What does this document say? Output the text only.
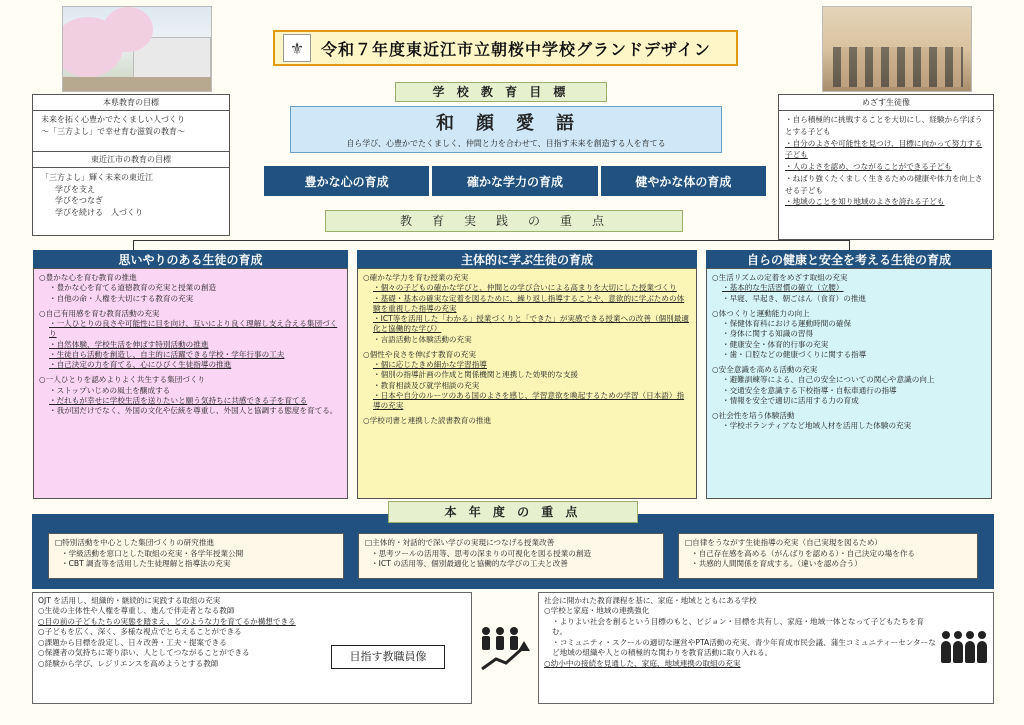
⚜	令和７年度東近江市立朝桜中学校グランドデザイン
本県教育の目標
未来を拓く心豊かでたくましい人づくり
～「三方よし」で幸せ育む滋賀の教育～
東近江市の教育の目標
「三方よし」輝く未来の東近江
学びを支え
学びをつなぎ
学びを続ける　人づくり
めざす生徒像
・自ら積極的に挑戦することを大切にし、経験から学ぼうとする子ども
・自分のよさや可能性を見つけ、目標に向かって努力する子ども
・人のよさを認め、つながることができる子ども
・ねばり強くたくましく生きるための健康や体力を向上させる子ども
・地域のことを知り地域のよさを誇れる子ども
学 校 教 育 目 標
和　顔　愛　語
自ら学び、心豊かでたくましく、仲間と力を合わせて、目指す未来を創造する人を育てる
豊かな心の育成	確かな学力の育成	健やかな体の育成
教　育　実　践　の　重　点
思いやりのある生徒の育成
○豊かな心を育む教育の推進
・豊かな心を育てる道徳教育の充実と授業の創造
・自他の命・人権を大切にする教育の充実
○自己有用感を育む教育活動の充実
・一人ひとりの良さや可能性に目を向け、互いにより良く理解し支え合える集団づくり
・自然体験、学校生活を伸ばす特別活動の推進
・生徒自ら活動を創造し、自主的に活躍できる学校・学年行事の工夫
・自己決定の力を育てる、心にひびく生徒指導の推進
○一人ひとりを認めよりよく共生する集団づくり
・ストップいじめの風土を醸成する
・だれもが幸せに学校生活を送りたいと願う気持ちに共感できる子を育てる
・我が国だけでなく、外国の文化や伝統を尊重し、外国人と協調する態度を育てる。
主体的に学ぶ生徒の育成
○確かな学力を育む授業の充実
・個々の子どもの確かな学びと、仲間との学び合いによる高まりを大切にした授業づくり
・基礎・基本の確実な定着を図るために、繰り返し指導することや、意欲的に学ぶための体験を重視した指導の充実
・ICT等を活用した「わかる」授業づくりと「できた」が実感できる授業への改善（個別最適化と協働的な学び）
・言語活動と体験活動の充実
○個性や良さを伸ばす教育の充実
・個に応じたきめ細かな学習指導
・個別の指導計画の作成と関係機関と連携した効果的な支援
・教育相談及び就学相談の充実
・日本や自分のルーツのある国のよさを感じ、学習意欲を喚起するための学習（日本語）指導の充実
○学校司書と連携した読書教育の推進
自らの健康と安全を考える生徒の育成
○生活リズムの定着をめざす取組の充実
・基本的な生活習慣の確立（立腰）
・早寝、早起き、朝ごはん（食育）の推進
○体つくりと運動能力の向上
・保健体育科における運動時間の確保
・身体に関する知識の習得
・健康安全・体育的行事の充実
・歯・口腔などの健康づくりに関する指導
○安全意識を高める活動の充実
・避難訓練等による、自己の安全についての関心や意識の向上
・交通安全を意識する下校指導・自転車通行の指導
・情報を安全で適切に活用する力の育成
○社会性を培う体験活動
・学校ボランティアなど地域人材を活用した体験の充実
本 年 度 の 重 点
□特別活動を中心とした集団づくりの研究推進
・学級活動を窓口とした取組の充実・各学年授業公開
・CBT 調査等を活用した生徒理解と指導法の充実
□主体的・対話的で深い学びの実現につなげる授業改善
・思考ツールの活用等、思考の深まりの可視化を図る授業の創造
・ICT の活用等、個別最適化と協働的な学びの工夫と改善
□自律をうながす生徒指導の充実（自己実現を図るため）
・自己存在感を高める（がんばりを認める）・自己決定の場を作る
・共感的人間関係を育成する。（違いを認め合う）
OJT を活用し、組織的・継続的に実践する取組の充実
○生徒の主体性や人権を尊重し、進んで伴走者となる教師
○目の前の子どもたちの実態を踏まえ、どのような力を育てるか構想できる
○子どもを広く、深く、多様な視点でとらえることができる
○課題から目標を設定し、日々改善・工夫・提案できる
○保護者の気持ちに寄り添い、人としてつながることができる
○経験から学び、レジリエンスを高めようとする教師
目指す教職員像
社会に開かれた教育課程を基に、家庭・地域とともにある学校
○学校と家庭・地域の連携強化
・よりよい社会を創るという目標のもと、ビジョン・目標を共有し、家庭・地域一体となって子どもたちを育む。
・コミュニティ・スクールの適切な運営やPTA活動の充実、青少年育成市民会議、蒲生コミュニティーセンターなど地域の組織や人との積極的な関わりを教育活動に取り入れる。
○幼小中の接続を見通した、家庭、地域連携の取組の充実
